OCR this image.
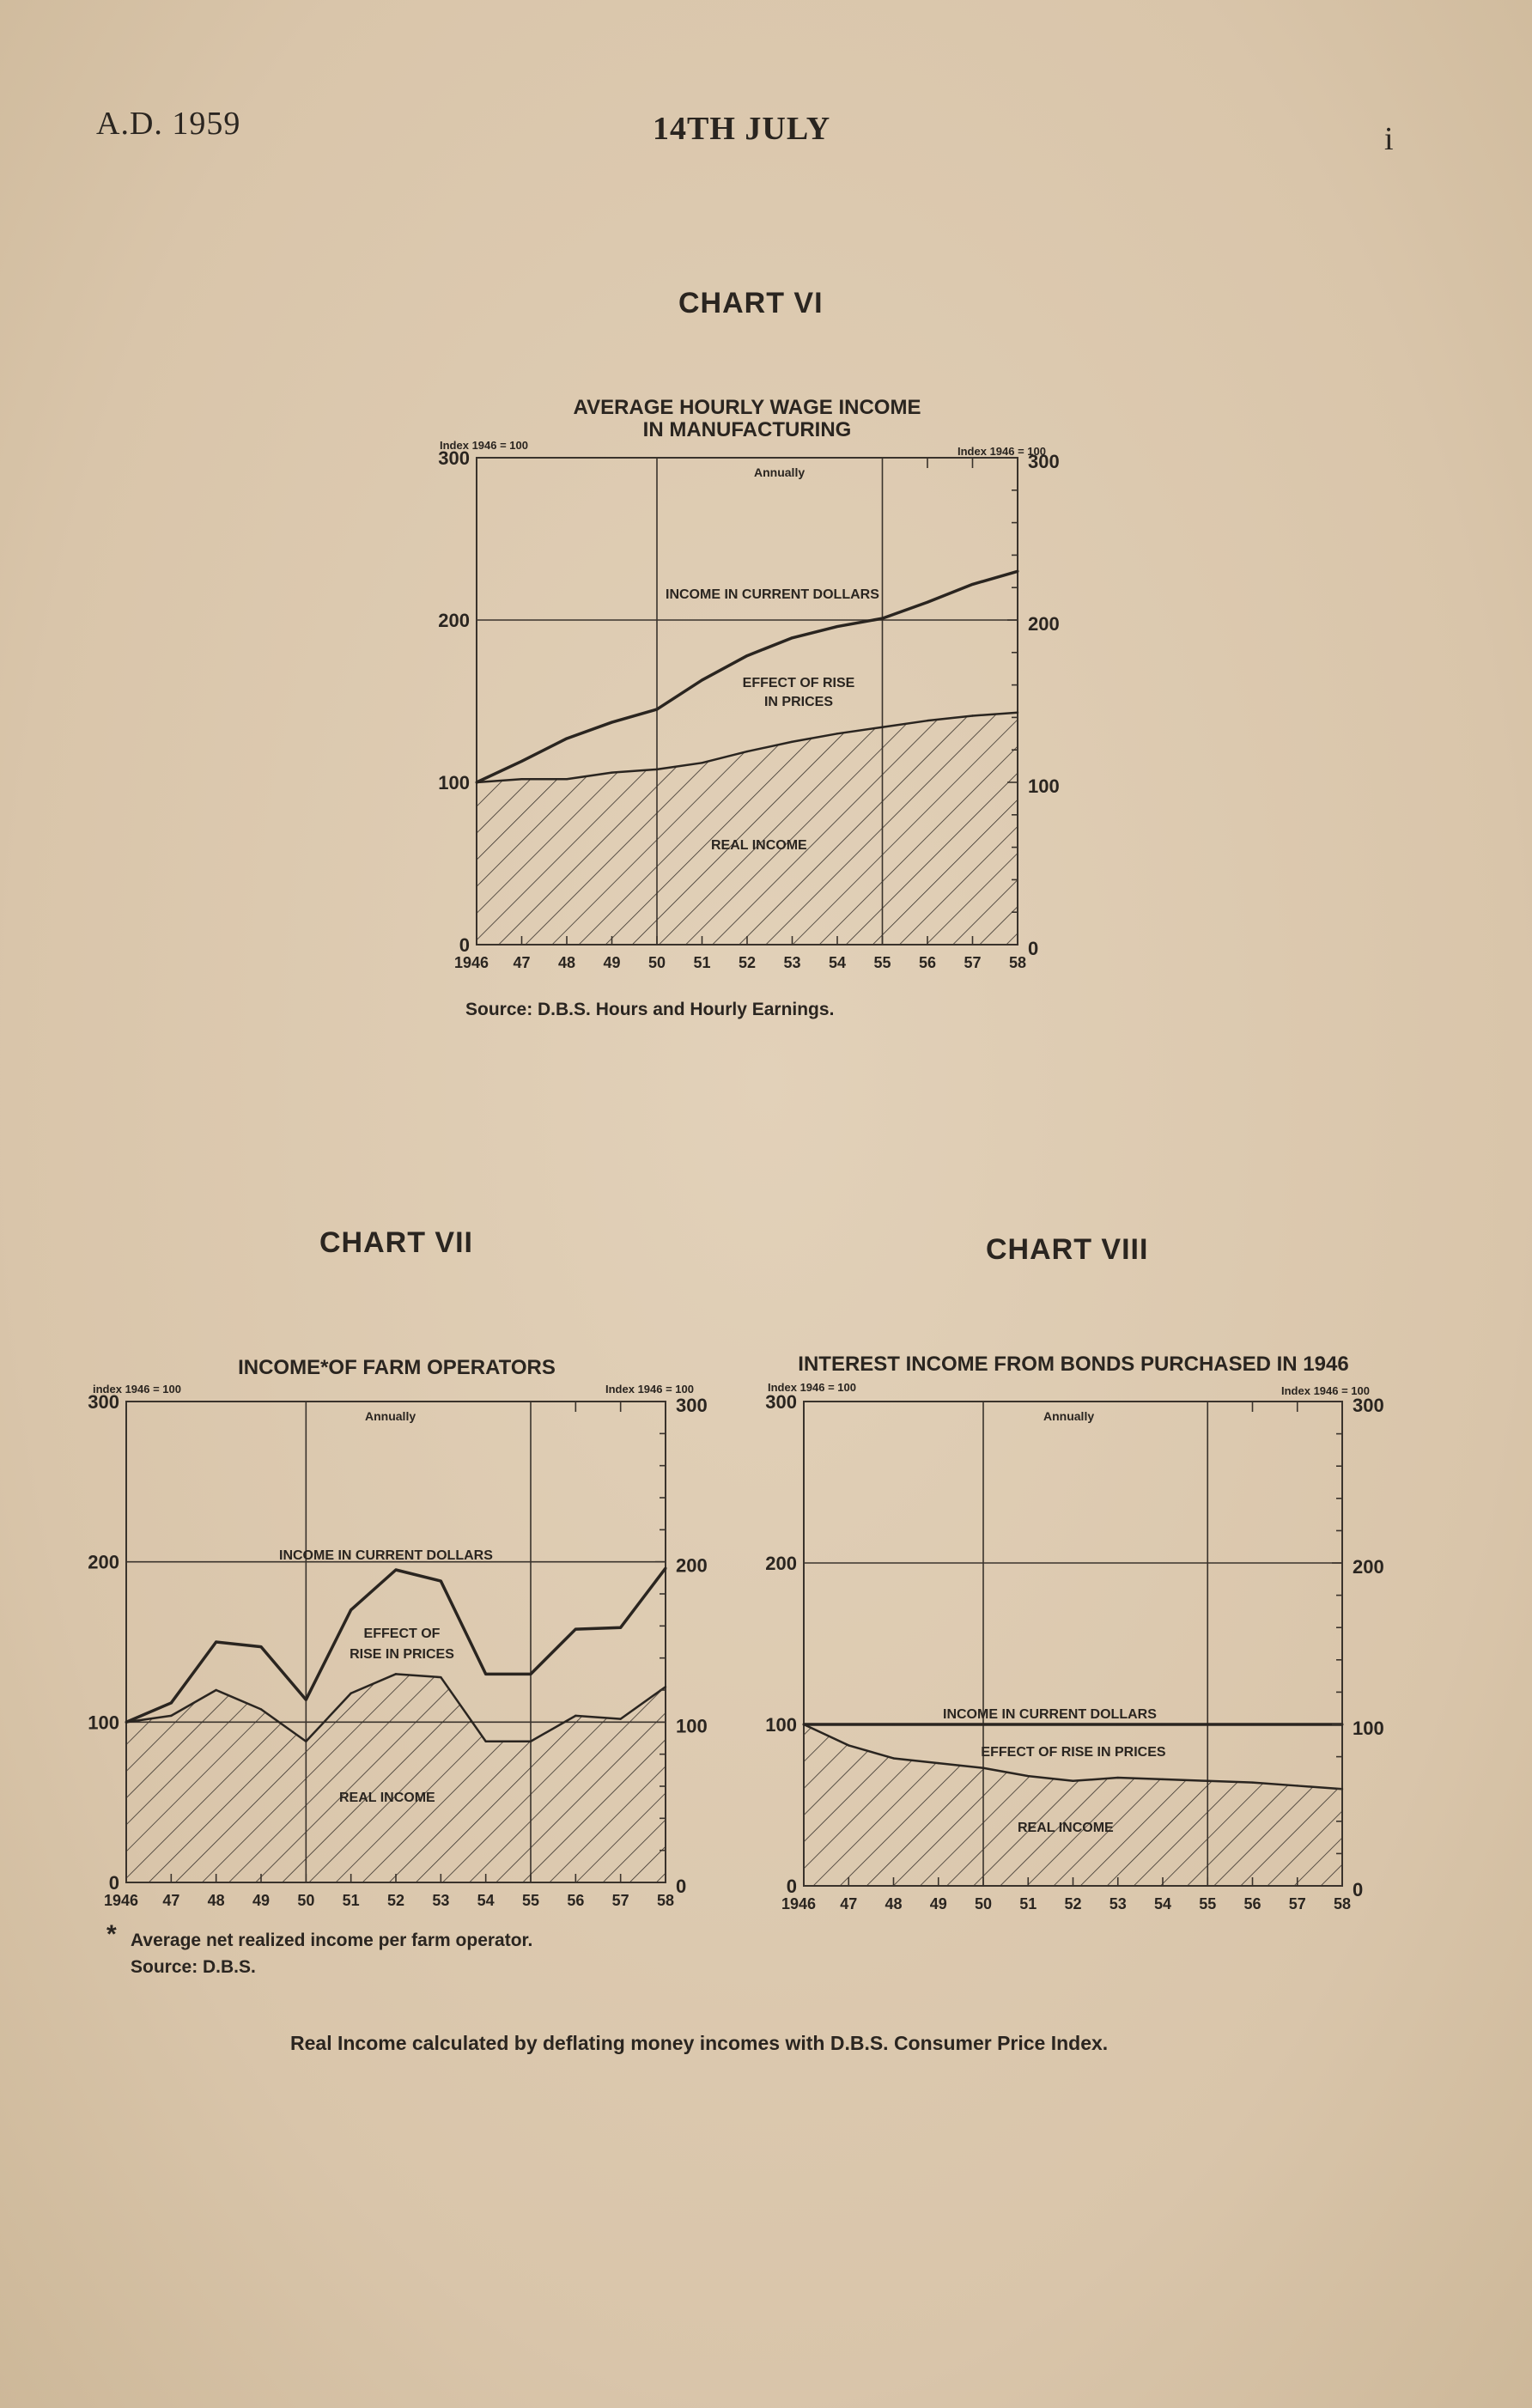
A.D. 1959	14TH JULY	i
CHART VI
CHART VII	CHART VIII
Source: D.B.S. Hours and Hourly Earnings.
* Average net realized income per farm operator.
Source: D.B.S.
Real Income calculated by deflating money incomes with D.B.S. Consumer Price Index.
AVERAGE HOURLY WAGE INCOME
IN MANUFACTURING
Index 1946 = 100	Index 1946 = 100
Annually
0	0
100	100
200	200
300	300
1946 47 48 49 50 51 52 53 54 55 56 57 58
INCOME IN CURRENT DOLLARS
REAL INCOME
EFFECT OF RISE
IN PRICES
INCOME*OF FARM OPERATORS
index 1946 = 100	Index 1946 = 100
Annually
0	0
100	100
200	200
300	300
1946 47 48 49 50 51 52 53 54 55 56 57 58
INCOME IN CURRENT DOLLARS
REAL INCOME
EFFECT OF
RISE IN PRICES
INTEREST INCOME FROM BONDS PURCHASED IN 1946
Index 1946 = 100	Index 1946 = 100
Annually
0	0
100	100
200	200
300	300
1946 47 48 49 50 51 52 53 54 55 56 57 58
INCOME IN CURRENT DOLLARS
REAL INCOME
EFFECT OF RISE IN PRICES
